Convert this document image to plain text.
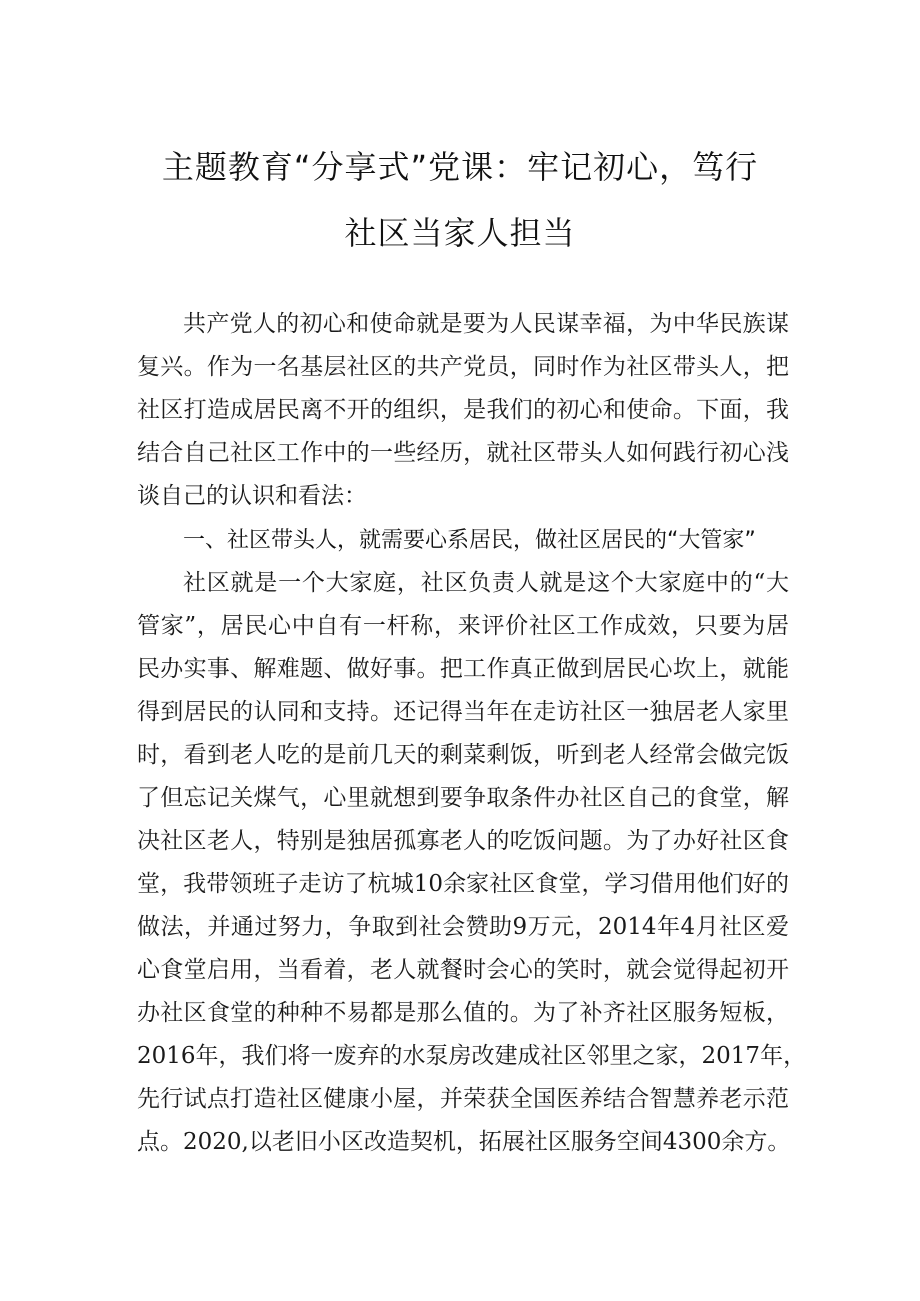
主题教育“分享式”党课：牢记初心，笃行
社区当家人担当
共产党人的初心和使命就是要为人民谋幸福，为中华民族谋
复兴。作为一名基层社区的共产党员，同时作为社区带头人，把
社区打造成居民离不开的组织，是我们的初心和使命。下面，我
结合自己社区工作中的一些经历，就社区带头人如何践行初心浅
谈自己的认识和看法：
一、社区带头人，就需要心系居民，做社区居民的“大管家”
社区就是一个大家庭，社区负责人就是这个大家庭中的“大
管家”，居民心中自有一杆称，来评价社区工作成效，只要为居
民办实事、解难题、做好事。把工作真正做到居民心坎上，就能
得到居民的认同和支持。还记得当年在走访社区一独居老人家里
时，看到老人吃的是前几天的剩菜剩饭，听到老人经常会做完饭
了但忘记关煤气，心里就想到要争取条件办社区自己的食堂，解
决社区老人，特别是独居孤寡老人的吃饭问题。为了办好社区食
堂，我带领班子走访了杭城10余家社区食堂，学习借用他们好的
做法，并通过努力，争取到社会赞助9万元，2014年4月社区爱
心食堂启用，当看着，老人就餐时会心的笑时，就会觉得起初开
办社区食堂的种种不易都是那么值的。为了补齐社区服务短板，
2016年，我们将一废弃的水泵房改建成社区邻里之家，2017年，
先行试点打造社区健康小屋，并荣获全国医养结合智慧养老示范
点。2020,以老旧小区改造契机，拓展社区服务空间4300余方。
